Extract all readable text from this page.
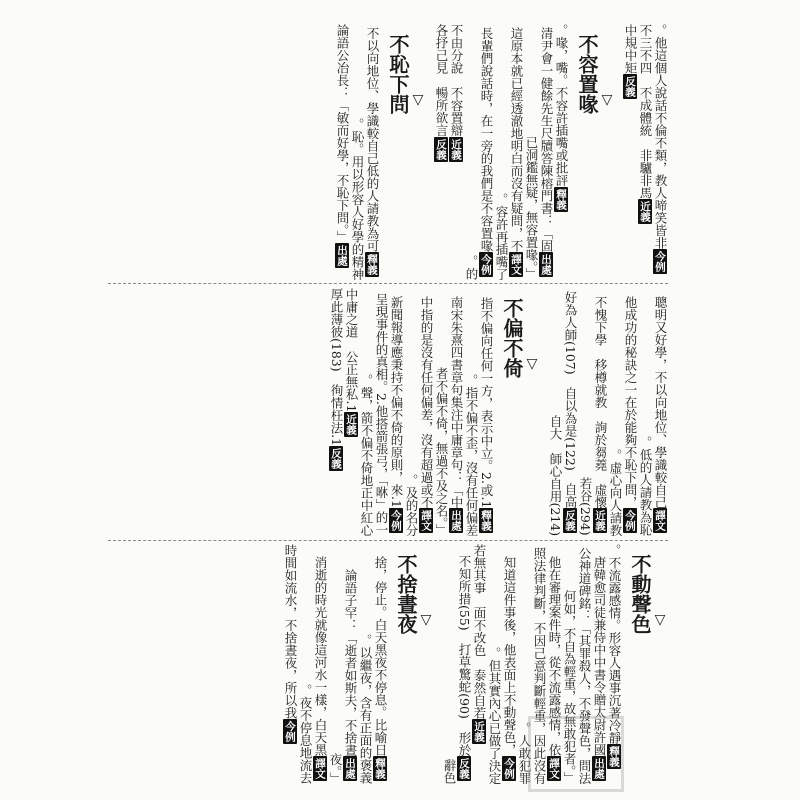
今例他這個人說話不倫不類，教人啼笑皆非。
近義不三不四　不成體統　非驢非馬
反義中規中矩
▽
不容置喙
釋義喙，嘴。不容許插嘴或批評。
出處清尹會一健餘先生尺牘答陳榕門書：「固已洞鑑無疑，無容置喙。」
譯文這原本就已經透澈地明白而沒有疑問，不容許再插嘴了。
今例長輩們說話時，在一旁的我們是不容置喙的。
近義不由分說　不容置辯
反義各抒己見　暢所欲言
▽
不恥下問
釋義不以向地位、學識較自己低的人請教為可恥。用以形容人好學的精神。
出處論語公冶長：「敏而好學，不恥下問。」
譯文聰明又好學，不以向地位、學識較自己低的人請教為恥。
今例他成功的秘訣之一在於能夠不恥下問，虛心向人請教。
近義不愧下學　移樽就教　詢於芻蕘　虛懷若谷(294)
反義好為人師(107)　自以為是(122)　自高自大　師心自用(214)
▽
不偏不倚
釋義1.指不偏向任何一方，表示中立。2.或指不偏不歪，沒有任何偏差。
出處南宋朱熹四書章句集注中庸章句：「中者不偏不倚，無過不及之名。」
譯文中指的是沒有任何偏差，沒有超過或不及的名分。
今例1.新聞報導應秉持不偏不倚的原則，來呈現事件的真相。2.他搭箭張弓，「咻」的一聲，箭不偏不倚地正中紅心。
近義1.中庸之道　公正無私
反義1.厚此薄彼(183)　徇情枉法
▽
不動聲色
釋義不流露感情。形容人遇事沉著冷靜。
出處唐韓愈司徒兼侍中中書令贈太尉許國公神道碑銘：「其罪殺人，不發聲色，問法何如，不自為輕重，故無敢犯者。」
譯文他在審理案件時，從不流露感情，依照法律判斷，不因己意判斷輕重，因此沒有人敢犯罪。
今例知道這件事後，他表面上不動聲色，但其實內心已做了決定。
近義若無其事　面不改色　泰然自若
反義不知所措(55)　打草驚蛇(90)　形於辭色
▽
不捨晝夜
釋義捨，停止。白天黑夜不停息。比喻日以繼夜，含有正面的褒義。
出處論語子罕：「逝者如斯夫，不捨晝夜。」
譯文消逝的時光就像這河水一樣，白天黑夜不停息地流去。
今例時間如流水，不捨晝夜，所以我
